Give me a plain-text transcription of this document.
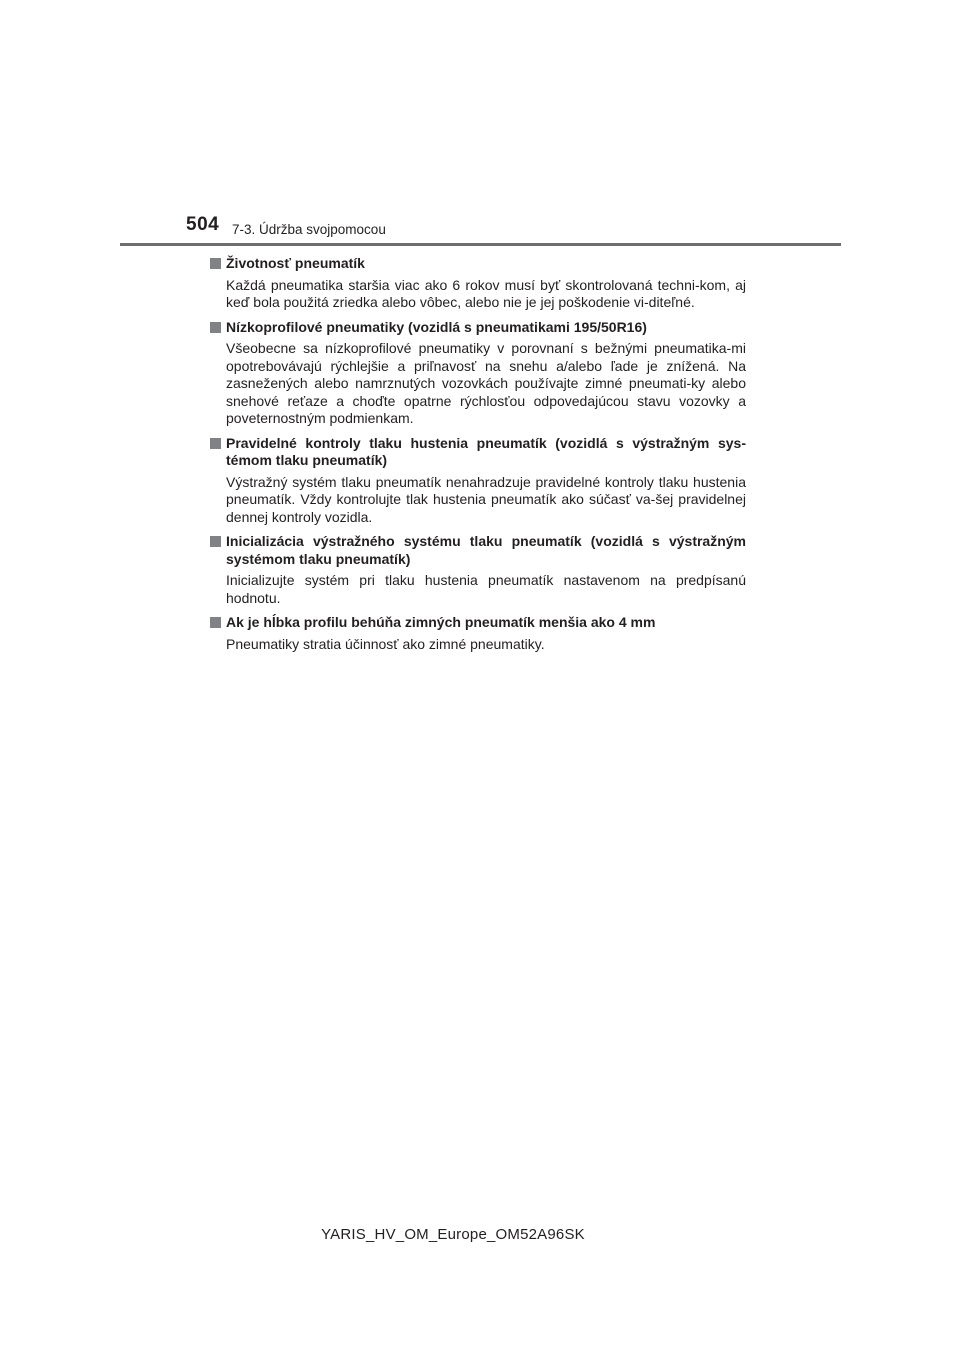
504 7-3. Údržba svojpomocou
Životnosť pneumatík
Každá pneumatika staršia viac ako 6 rokov musí byť skontrolovaná techni-kom, aj keď bola použitá zriedka alebo vôbec, alebo nie je jej poškodenie vi-diteľné.
Nízkoprofilové pneumatiky (vozidlá s pneumatikami 195/50R16)
Všeobecne sa nízkoprofilové pneumatiky v porovnaní s bežnými pneumatika-mi opotrebovávajú rýchlejšie a priľnavosť na snehu a/alebo ľade je znížená. Na zasnežených alebo namrznutých vozovkách používajte zimné pneumati-ky alebo snehové reťaze a choďte opatrne rýchlosťou odpovedajúcou stavu vozovky a poveternostným podmienkam.
Pravidelné kontroly tlaku hustenia pneumatík (vozidlá s výstražným sys-témom tlaku pneumatík)
Výstražný systém tlaku pneumatík nenahradzuje pravidelné kontroly tlaku hustenia pneumatík. Vždy kontrolujte tlak hustenia pneumatík ako súčasť va-šej pravidelnej dennej kontroly vozidla.
Inicializácia výstražného systému tlaku pneumatík (vozidlá s výstražným systémom tlaku pneumatík)
Inicializujte systém pri tlaku hustenia pneumatík nastavenom na predpísanú hodnotu.
Ak je hĺbka profilu behúňa zimných pneumatík menšia ako 4 mm
Pneumatiky stratia účinnosť ako zimné pneumatiky.
YARIS_HV_OM_Europe_OM52A96SK
